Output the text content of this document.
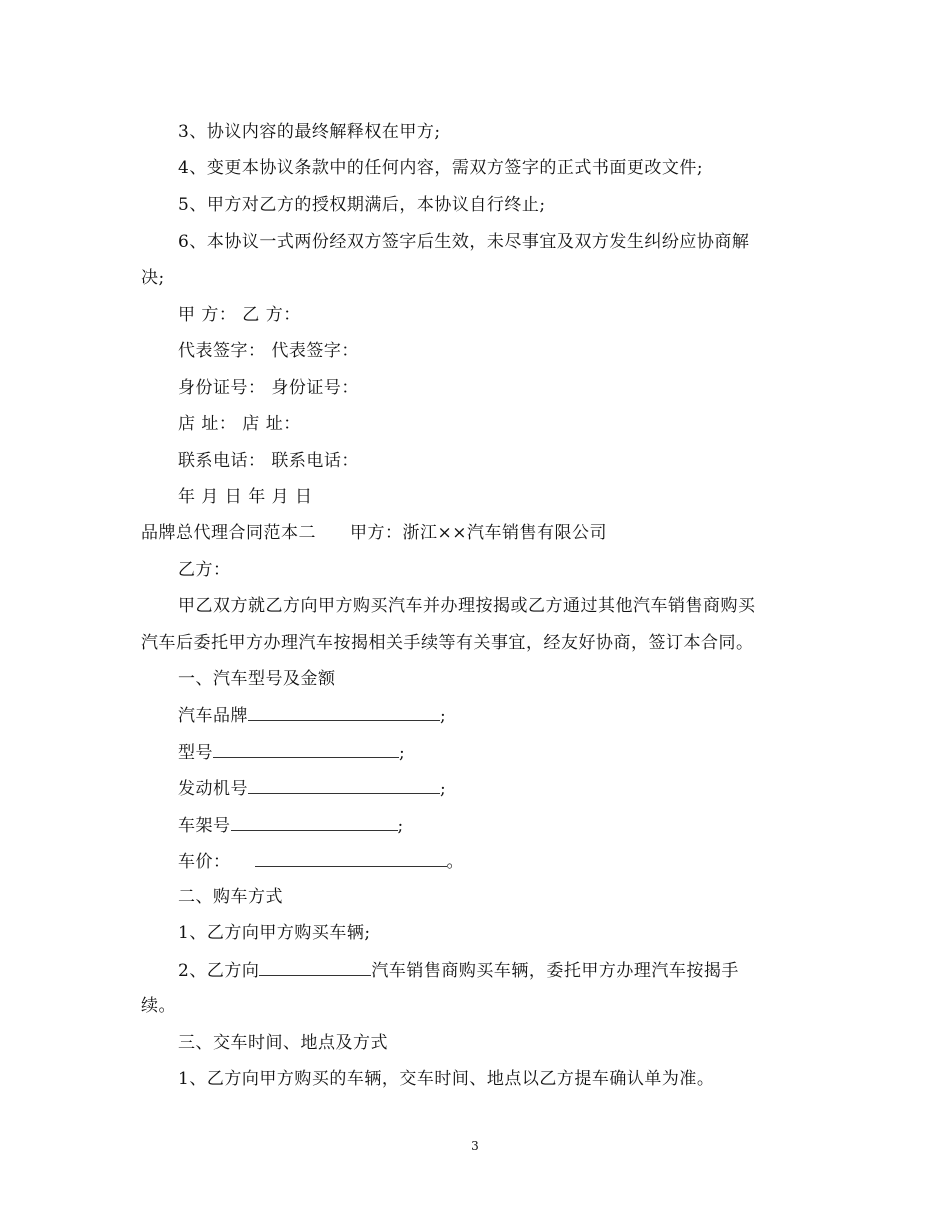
3、协议内容的最终解释权在甲方;
4、变更本协议条款中的任何内容，需双方签字的正式书面更改文件;
5、甲方对乙方的授权期满后，本协议自行终止;
6、本协议一式两份经双方签字后生效，未尽事宜及双方发生纠纷应协商解
决;
甲 方： 乙 方：
代表签字： 代表签字：
身份证号： 身份证号：
店 址： 店 址：
联系电话： 联系电话：
年 月 日 年 月 日
品牌总代理合同范本二 甲方：浙江××汽车销售有限公司
乙方：
甲乙双方就乙方向甲方购买汽车并办理按揭或乙方通过其他汽车销售商购买
汽车后委托甲方办理汽车按揭相关手续等有关事宜，经友好协商，签订本合同。
一、汽车型号及金额
汽车品牌	;
型号	;
发动机号	;
车架号	;
车价：	。
二、购车方式
1、乙方向甲方购买车辆;
2、乙方向	汽车销售商购买车辆，委托甲方办理汽车按揭手
续。
三、交车时间、地点及方式
1、乙方向甲方购买的车辆，交车时间、地点以乙方提车确认单为准。
3
